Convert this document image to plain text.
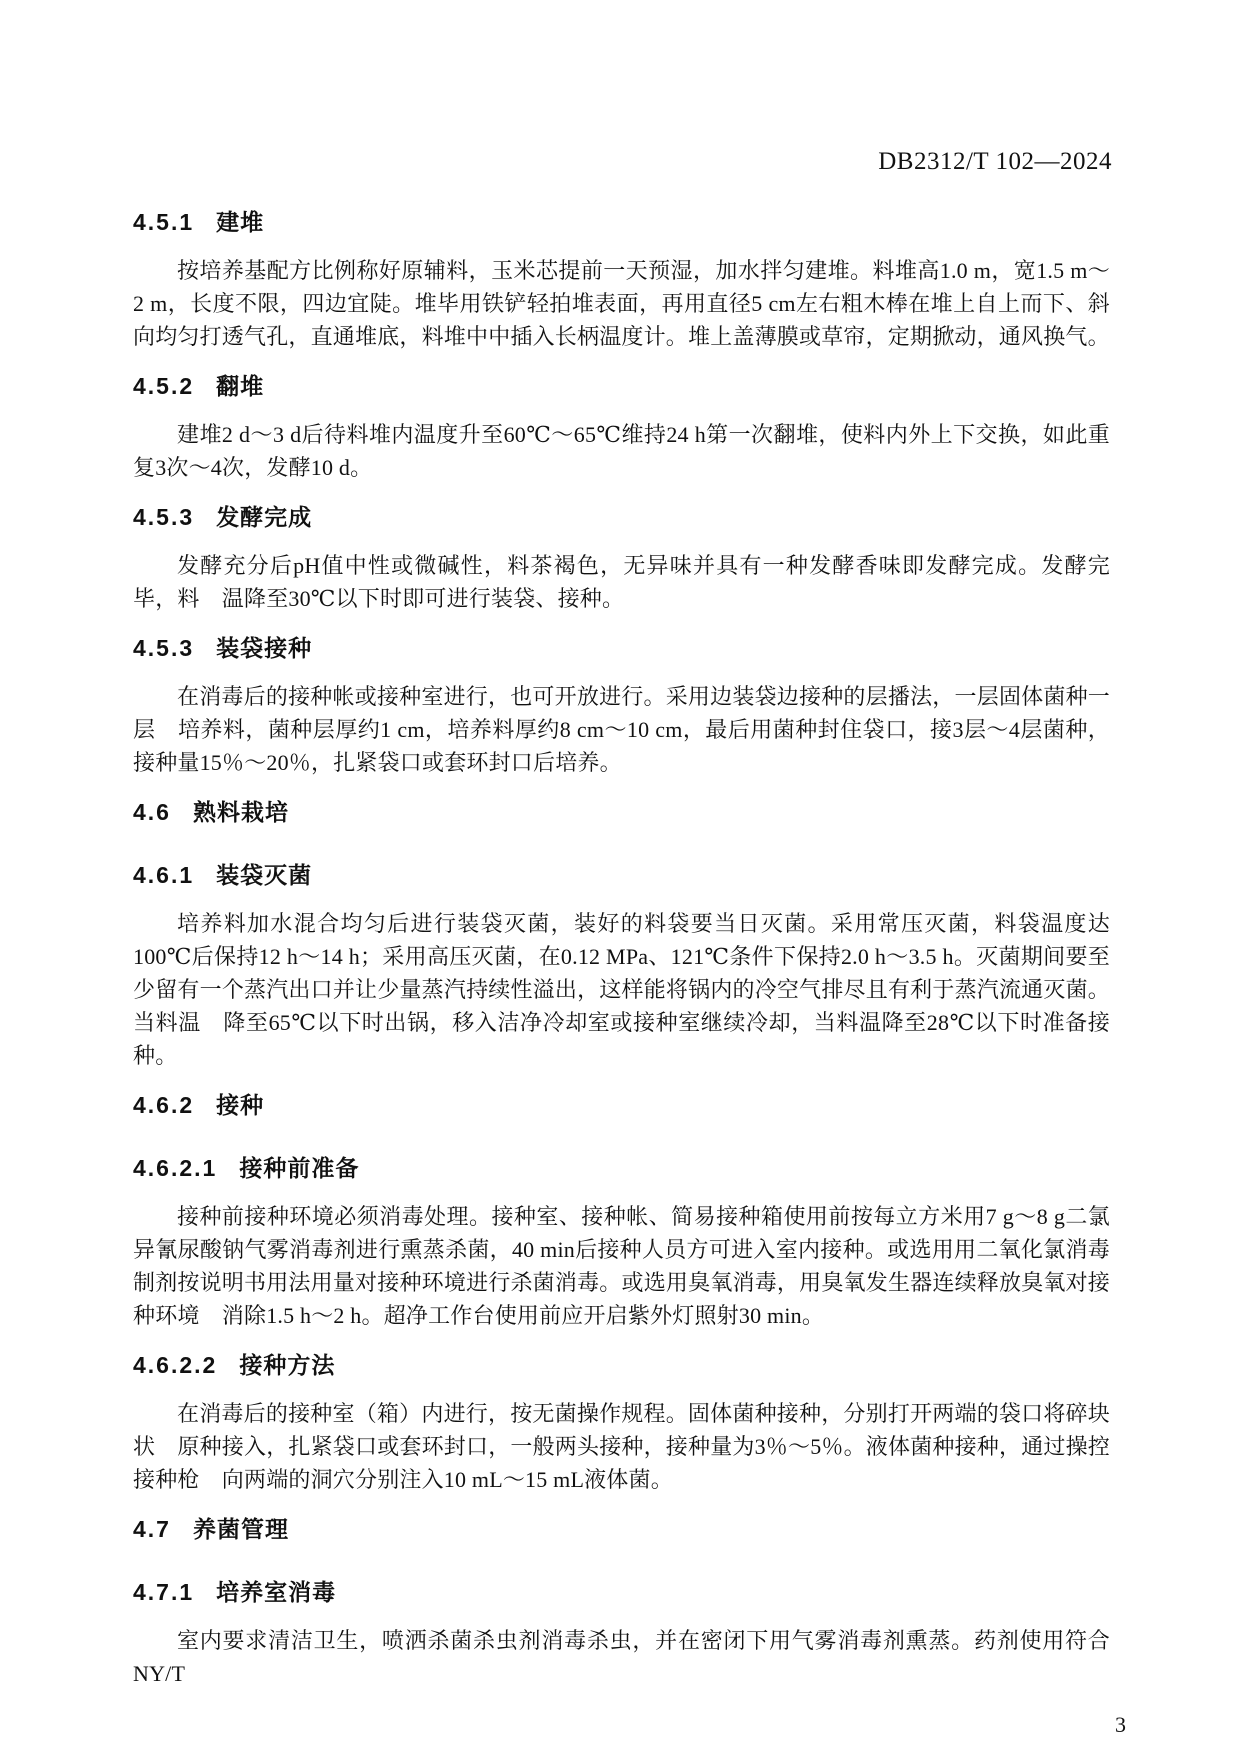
DB2312/T 102—2024
4.5.1 建堆

按培养基配方比例称好原辅料，玉米芯提前一天预湿，加水拌匀建堆。料堆高1.0 m，宽1.5 m～2 m，长度不限，四边宜陡。堆毕用铁铲轻拍堆表面，再用直径5 cm左右粗木棒在堆上自上而下、斜向均匀打透气孔，直通堆底，料堆中中插入长柄温度计。堆上盖薄膜或草帘，定期掀动，通风换气。

4.5.2 翻堆

建堆2 d～3 d后待料堆内温度升至60℃～65℃维持24 h第一次翻堆，使料内外上下交换，如此重复3次～4次，发酵10 d。

4.5.3 发酵完成

发酵充分后pH值中性或微碱性，料茶褐色，无异味并具有一种发酵香味即发酵完成。发酵完毕，料　温降至30℃以下时即可进行装袋、接种。

4.5.3 装袋接种

在消毒后的接种帐或接种室进行，也可开放进行。采用边装袋边接种的层播法，一层固体菌种一层　培养料，菌种层厚约1 cm，培养料厚约8 cm～10 cm，最后用菌种封住袋口，接3层～4层菌种，接种量15％～20％，扎紧袋口或套环封口后培养。

4.6 熟料栽培
4.6.1 装袋灭菌

培养料加水混合均匀后进行装袋灭菌，装好的料袋要当日灭菌。采用常压灭菌，料袋温度达100℃后保持12 h～14 h；采用高压灭菌，在0.12 MPa、121℃条件下保持2.0 h～3.5 h。灭菌期间要至少留有一个蒸汽出口并让少量蒸汽持续性溢出，这样能将锅内的冷空气排尽且有利于蒸汽流通灭菌。当料温　降至65℃以下时出锅，移入洁净冷却室或接种室继续冷却，当料温降至28℃以下时准备接种。

4.6.2 接种
4.6.2.1 接种前准备

接种前接种环境必须消毒处理。接种室、接种帐、简易接种箱使用前按每立方米用7 g～8 g二氯异氰尿酸钠气雾消毒剂进行熏蒸杀菌，40 min后接种人员方可进入室内接种。或选用用二氧化氯消毒制剂按说明书用法用量对接种环境进行杀菌消毒。或选用臭氧消毒，用臭氧发生器连续释放臭氧对接种环境　消除1.5 h～2 h。超净工作台使用前应开启紫外灯照射30 min。

4.6.2.2 接种方法

在消毒后的接种室（箱）内进行，按无菌操作规程。固体菌种接种，分别打开两端的袋口将碎块状　原种接入，扎紧袋口或套环封口，一般两头接种，接种量为3％～5％。液体菌种接种，通过操控接种枪　向两端的洞穴分别注入10 mL～15 mL液体菌。

4.7 养菌管理
4.7.1 培养室消毒

室内要求清洁卫生，喷洒杀菌杀虫剂消毒杀虫，并在密闭下用气雾消毒剂熏蒸。药剂使用符合NY/T

3
